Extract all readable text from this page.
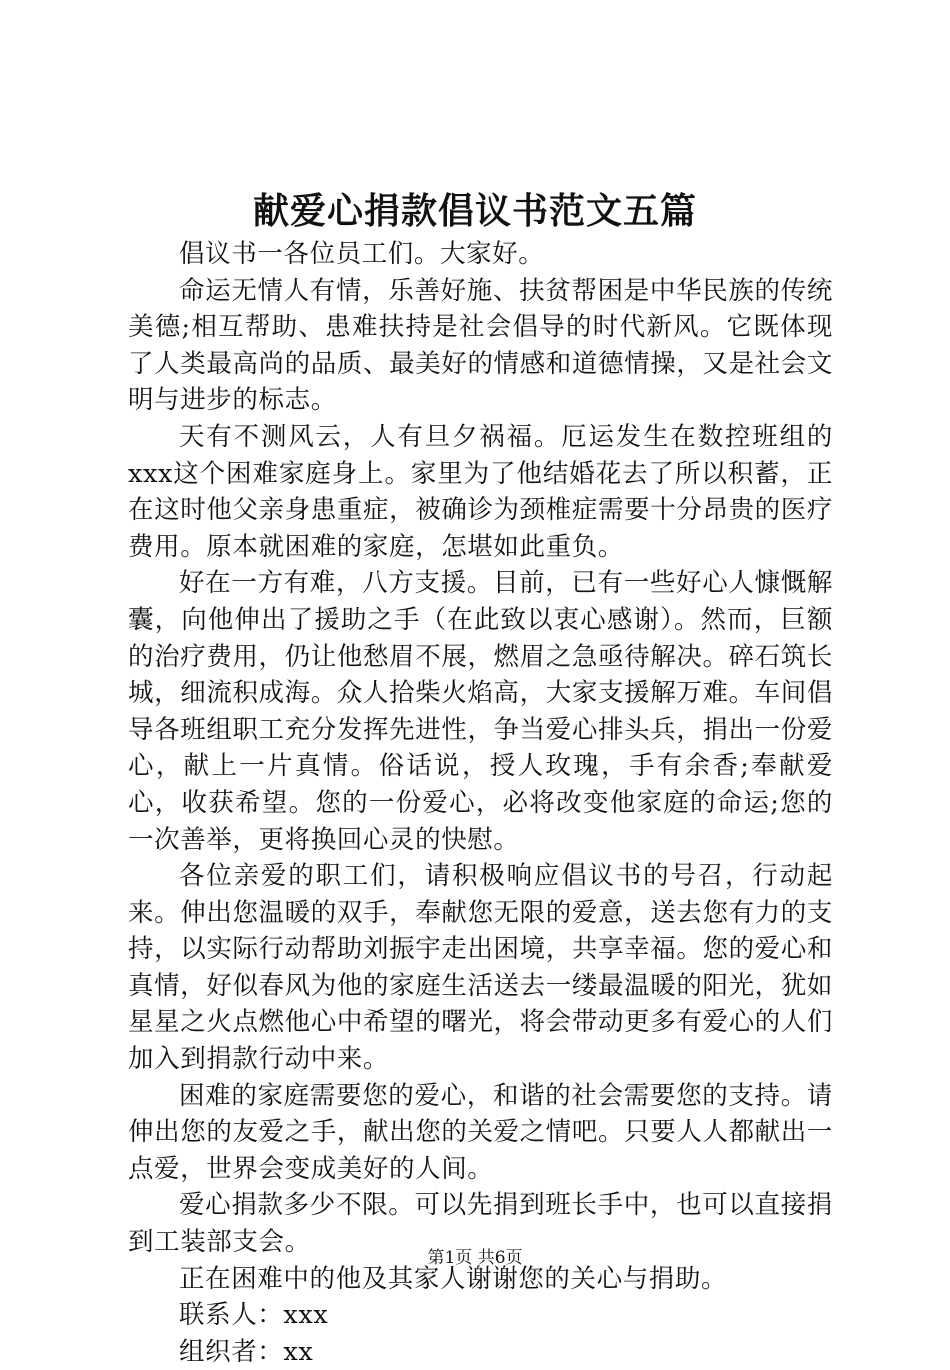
献爱心捐款倡议书范文五篇

倡议书一各位员工们。大家好。

命运无情人有情，乐善好施、扶贫帮困是中华民族的传统美德;相互帮助、患难扶持是社会倡导的时代新风。它既体现了人类最高尚的品质、最美好的情感和道德情操，又是社会文明与进步的标志。

天有不测风云，人有旦夕祸福。厄运发生在数控班组的xxx这个困难家庭身上。家里为了他结婚花去了所以积蓄，正在这时他父亲身患重症，被确诊为颈椎症需要十分昂贵的医疗费用。原本就困难的家庭，怎堪如此重负。

好在一方有难，八方支援。目前，已有一些好心人慷慨解囊，向他伸出了援助之手（在此致以衷心感谢）。然而，巨额的治疗费用，仍让他愁眉不展，燃眉之急亟待解决。碎石筑长城，细流积成海。众人拾柴火焰高，大家支援解万难。车间倡导各班组职工充分发挥先进性，争当爱心排头兵，捐出一份爱心，献上一片真情。俗话说，授人玫瑰，手有余香;奉献爱心，收获希望。您的一份爱心，必将改变他家庭的命运;您的一次善举，更将换回心灵的快慰。

各位亲爱的职工们，请积极响应倡议书的号召，行动起来。伸出您温暖的双手，奉献您无限的爱意，送去您有力的支持，以实际行动帮助刘振宇走出困境，共享幸福。您的爱心和真情，好似春风为他的家庭生活送去一缕最温暖的阳光，犹如星星之火点燃他心中希望的曙光，将会带动更多有爱心的人们加入到捐款行动中来。

困难的家庭需要您的爱心，和谐的社会需要您的支持。请伸出您的友爱之手，献出您的关爱之情吧。只要人人都献出一点爱，世界会变成美好的人间。

爱心捐款多少不限。可以先捐到班长手中，也可以直接捐到工装部支会。

正在困难中的他及其家人谢谢您的关心与捐助。

联系人：xxx

组织者：xx

第1页 共6页
